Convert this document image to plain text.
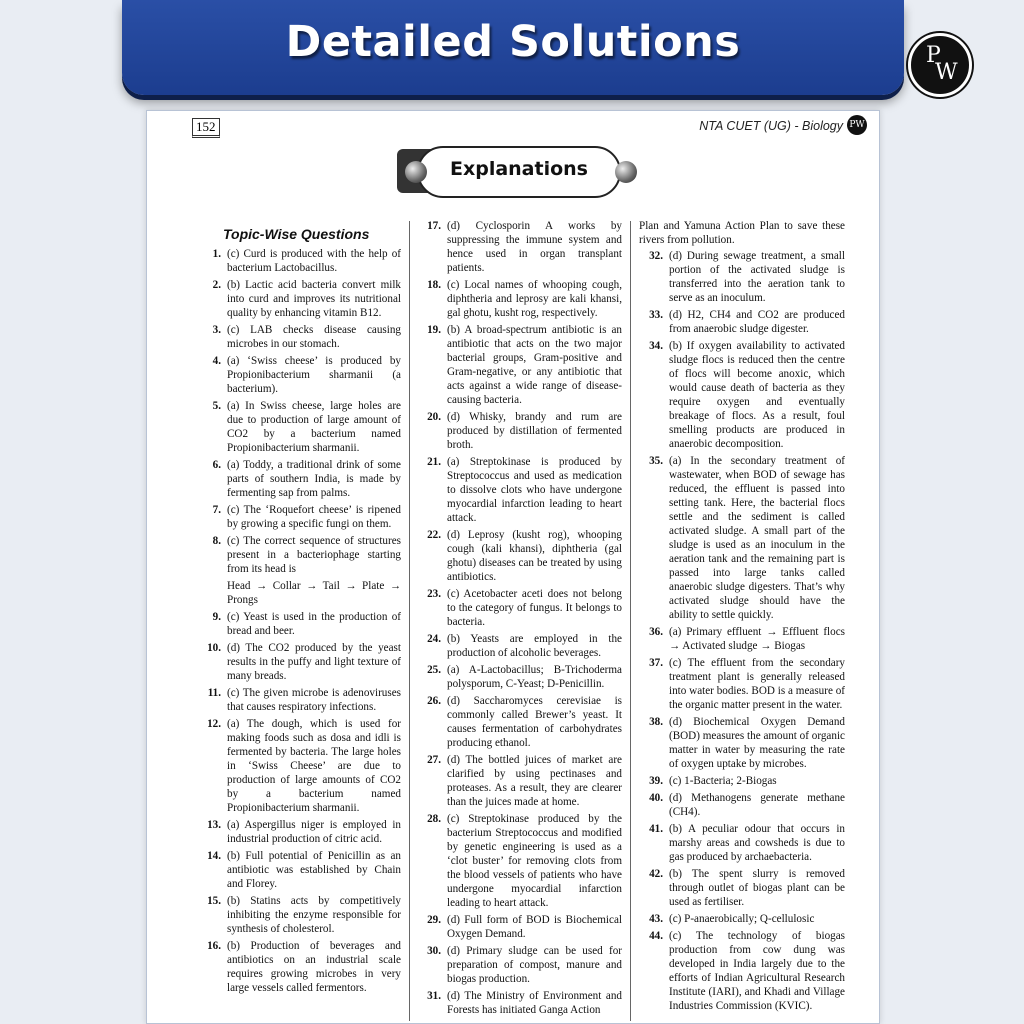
Detailed Solutions	P
W
152	NTA CUET (UG) - Biology PW
Explanations
Topic-Wise Questions
1. (c) Curd is produced with the help of bacterium Lactobacillus.
2. (b) Lactic acid bacteria convert milk into curd and improves its nutritional quality by enhancing vitamin B12.
3. (c) LAB checks disease causing microbes in our stomach.
4. (a) ‘Swiss cheese’ is produced by Propionibacterium sharmanii (a bacterium).
5. (a) In Swiss cheese, large holes are due to production of large amount of CO2 by a bacterium named Propionibacterium sharmanii.
6. (a) Toddy, a traditional drink of some parts of southern India, is made by fermenting sap from palms.
7. (c) The ‘Roquefort cheese’ is ripened by growing a specific fungi on them.
8. (c) The correct sequence of structures present in a bacteriophage starting from its head is
Head → Collar → Tail → Plate → Prongs
9. (c) Yeast is used in the production of bread and beer.
10. (d) The CO2 produced by the yeast results in the puffy and light texture of many breads.
11. (c) The given microbe is adenoviruses that causes respiratory infections.
12. (a) The dough, which is used for making foods such as dosa and idli is fermented by bacteria. The large holes in ‘Swiss Cheese’ are due to production of large amounts of CO2 by a bacterium named Propionibacterium sharmanii.
13. (a) Aspergillus niger is employed in industrial production of citric acid.
14. (b) Full potential of Penicillin as an antibiotic was established by Chain and Florey.
15. (b) Statins acts by competitively inhibiting the enzyme responsible for synthesis of cholesterol.
16. (b) Production of beverages and antibiotics on an industrial scale requires growing microbes in very large vessels called fermentors.
17. (d) Cyclosporin A works by suppressing the immune system and hence used in organ transplant patients.
18. (c) Local names of whooping cough, diphtheria and leprosy are kali khansi, gal ghotu, kusht rog, respectively.
19. (b) A broad-spectrum antibiotic is an antibiotic that acts on the two major bacterial groups, Gram-positive and Gram-negative, or any antibiotic that acts against a wide range of disease-causing bacteria.
20. (d) Whisky, brandy and rum are produced by distillation of fermented broth.
21. (a) Streptokinase is produced by Streptococcus and used as medication to dissolve clots who have undergone myocardial infarction leading to heart attack.
22. (d) Leprosy (kusht rog), whooping cough (kali khansi), diphtheria (gal ghotu) diseases can be treated by using antibiotics.
23. (c) Acetobacter aceti does not belong to the category of fungus. It belongs to bacteria.
24. (b) Yeasts are employed in the production of alcoholic beverages.
25. (a) A-Lactobacillus; B-Trichoderma polysporum, C-Yeast; D-Penicillin.
26. (d) Saccharomyces cerevisiae is commonly called Brewer’s yeast. It causes fermentation of carbohydrates producing ethanol.
27. (d) The bottled juices of market are clarified by using pectinases and proteases. As a result, they are clearer than the juices made at home.
28. (c) Streptokinase produced by the bacterium Streptococcus and modified by genetic engineering is used as a ‘clot buster’ for removing clots from the blood vessels of patients who have undergone myocardial infarction leading to heart attack.
29. (d) Full form of BOD is Biochemical Oxygen Demand.
30. (d) Primary sludge can be used for preparation of compost, manure and biogas production.
31. (d) The Ministry of Environment and Forests has initiated Ganga Action
Plan and Yamuna Action Plan to save these rivers from pollution.
32. (d) During sewage treatment, a small portion of the activated sludge is transferred into the aeration tank to serve as an inoculum.
33. (d) H2, CH4 and CO2 are produced from anaerobic sludge digester.
34. (b) If oxygen availability to activated sludge flocs is reduced then the centre of flocs will become anoxic, which would cause death of bacteria as they require oxygen and eventually breakage of flocs. As a result, foul smelling products are produced in anaerobic decomposition.
35. (a) In the secondary treatment of wastewater, when BOD of sewage has reduced, the effluent is passed into setting tank. Here, the bacterial flocs settle and the sediment is called activated sludge. A small part of the sludge is used as an inoculum in the aeration tank and the remaining part is passed into large tanks called anaerobic sludge digesters. That’s why activated sludge should have the ability to settle quickly.
36. (a) Primary effluent → Effluent flocs → Activated sludge → Biogas
37. (c) The effluent from the secondary treatment plant is generally released into water bodies. BOD is a measure of the organic matter present in the water.
38. (d) Biochemical Oxygen Demand (BOD) measures the amount of organic matter in water by measuring the rate of oxygen uptake by microbes.
39. (c) 1-Bacteria; 2-Biogas
40. (d) Methanogens generate methane (CH4).
41. (b) A peculiar odour that occurs in marshy areas and cowsheds is due to gas produced by archaebacteria.
42. (b) The spent slurry is removed through outlet of biogas plant can be used as fertiliser.
43. (c) P-anaerobically; Q-cellulosic
44. (c) The technology of biogas production from cow dung was developed in India largely due to the efforts of Indian Agricultural Research Institute (IARI), and Khadi and Village Industries Commission (KVIC).
